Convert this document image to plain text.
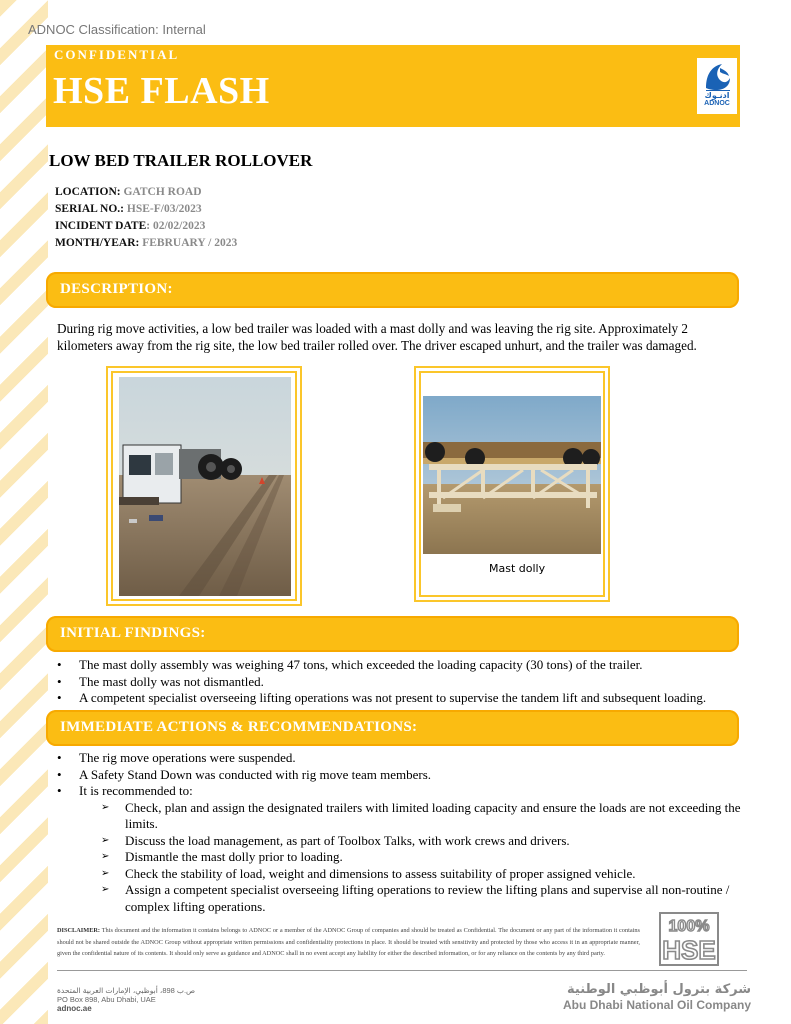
ADNOC Classification: Internal
CONFIDENTIAL
HSE FLASH	ادنـوك
ADNOC
LOW BED TRAILER ROLLOVER
LOCATION: GATCH ROAD
SERIAL NO.: HSE-F/03/2023
INCIDENT DATE: 02/02/2023
MONTH/YEAR: FEBRUARY / 2023
DESCRIPTION:
During rig move activities, a low bed trailer was loaded with a mast dolly and was leaving the rig site. Approximately 2 kilometers away from the rig site, the low bed trailer rolled over. The driver escaped unhurt, and the trailer was damaged.
Mast dolly
INITIAL FINDINGS:
• The mast dolly assembly was weighing 47 tons, which exceeded the loading capacity (30 tons) of the trailer.
• The mast dolly was not dismantled.
• A competent specialist overseeing lifting operations was not present to supervise the tandem lift and subsequent loading.
IMMEDIATE ACTIONS & RECOMMENDATIONS:
• The rig move operations were suspended.
• A Safety Stand Down was conducted with rig move team members.
• It is recommended to:
➢ Check, plan and assign the designated trailers with limited loading capacity and ensure the loads are not exceeding the limits.
➢ Discuss the load management, as part of Toolbox Talks, with work crews and drivers.
➢ Dismantle the mast dolly prior to loading.
➢ Check the stability of load, weight and dimensions to assess suitability of proper assigned vehicle.
➢ Assign a competent specialist overseeing lifting operations to review the lifting plans and supervise all non-routine / complex lifting operations.
DISCLAIMER: This document and the information it contains belongs to ADNOC or a member of the ADNOC Group of companies and should be treated as Confidential. The document or any part of the information it contains should not be shared outside the ADNOC Group without appropriate written permissions and confidentiality protections in place. It should be treated with sensitivity and protected by those who access it in an appropriate manner, given the confidential nature of its contents. It should only serve as guidance and ADNOC shall in no event accept any liability for either the described information, or for any reliance on the contents by any third party.
100%
HSE
ص.ب 898، أبوظبي، الإمارات العربية المتحدة
PO Box 898, Abu Dhabi, UAE
adnoc.ae
شركة بترول أبوظبي الوطنية
Abu Dhabi National Oil Company
